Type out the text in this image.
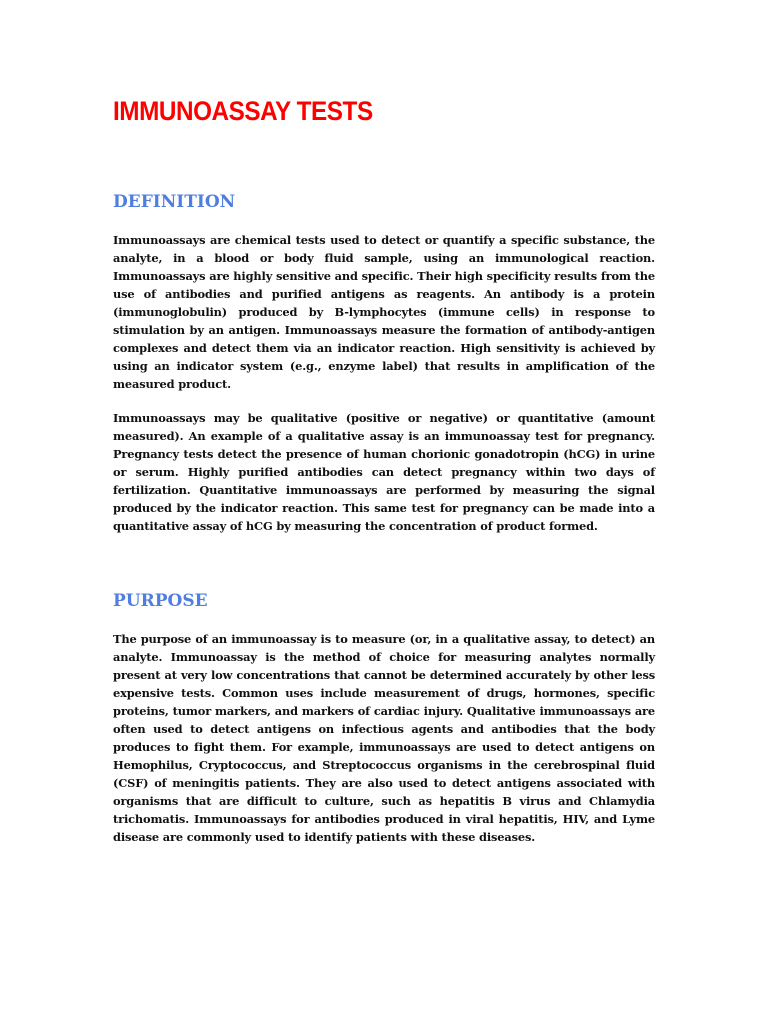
IMMUNOASSAY TESTS
DEFINITION

Immunoassays are chemical tests used to detect or quantify a specific substance, the analyte, in a blood or body fluid sample, using an immunological reaction. Immunoassays are highly sensitive and specific. Their high specificity results from the use of antibodies and purified antigens as reagents. An antibody is a protein (immunoglobulin) produced by B-lymphocytes (immune cells) in response to stimulation by an antigen. Immunoassays measure the formation of antibody-antigen complexes and detect them via an indicator reaction. High sensitivity is achieved by using an indicator system (e.g., enzyme label) that results in amplification of the measured product.

Immunoassays may be qualitative (positive or negative) or quantitative (amount measured). An example of a qualitative assay is an immunoassay test for pregnancy. Pregnancy tests detect the presence of human chorionic gonadotropin (hCG) in urine or serum. Highly purified antibodies can detect pregnancy within two days of fertilization. Quantitative immunoassays are performed by measuring the signal produced by the indicator reaction. This same test for pregnancy can be made into a quantitative assay of hCG by measuring the concentration of product formed.

PURPOSE

The purpose of an immunoassay is to measure (or, in a qualitative assay, to detect) an analyte. Immunoassay is the method of choice for measuring analytes normally present at very low concentrations that cannot be determined accurately by other less expensive tests. Common uses include measurement of drugs, hormones, specific proteins, tumor markers, and markers of cardiac injury. Qualitative immunoassays are often used to detect antigens on infectious agents and antibodies that the body produces to fight them. For example, immunoassays are used to detect antigens on Hemophilus, Cryptococcus, and Streptococcus organisms in the cerebrospinal fluid (CSF) of meningitis patients. They are also used to detect antigens associated with organisms that are difficult to culture, such as hepatitis B virus and Chlamydia trichomatis. Immunoassays for antibodies produced in viral hepatitis, HIV, and Lyme disease are commonly used to identify patients with these diseases.
